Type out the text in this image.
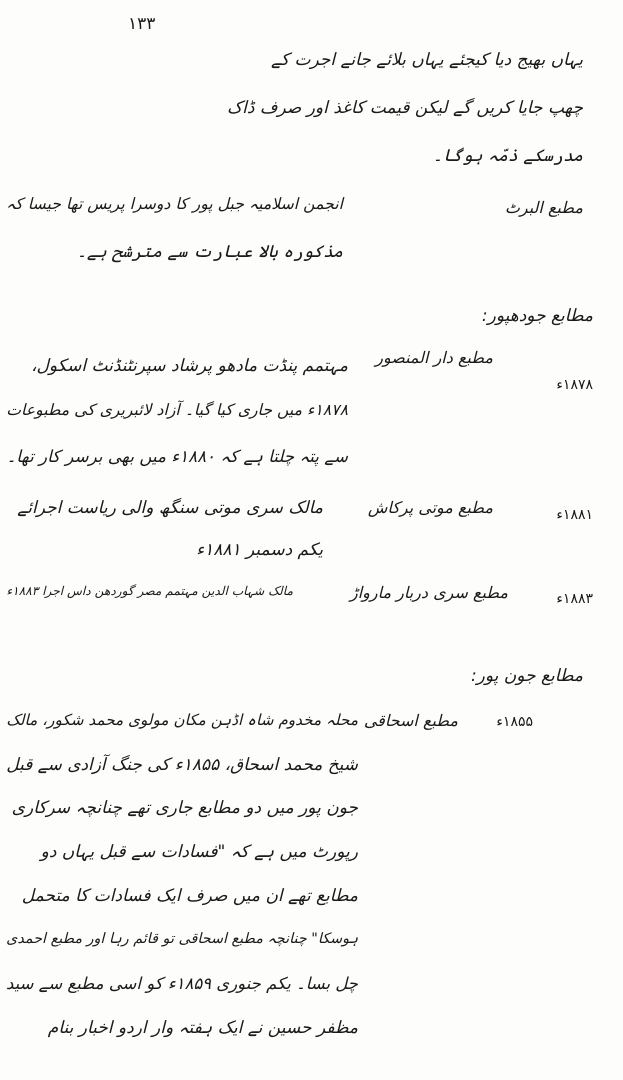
۱۳۳
یہاں بھیج دیا کیجئے یہاں بلائے جانے اجرت کے
چھپ جایا کریں گے لیکن قیمت کاغذ اور صرف ڈاک
مدرسکے ذمّہ ہوگا۔
مطبع البرٹ
انجمن اسلامیہ جبل پور کا دوسرا پریس تھا جیسا کہ
مذکورہ بالا عبارت سے مترشح ہے۔
مطابع جودھپور:
۱۸۷۸ء
مطبع دار المنصور
مہتمم پنڈت مادھو پرشاد سپرنٹنڈنٹ اسکول،
۱۸۷۸ء میں جاری کیا گیا۔ آزاد لائبریری کی مطبوعات
سے پتہ چلتا ہے کہ ۱۸۸۰ء میں بھی برسر کار تھا۔
۱۸۸۱ء
مطبع موتی پرکاش
مالک سری موتی سنگھ والی ریاست اجرائے
یکم دسمبر ۱۸۸۱ء
۱۸۸۳ء
مطبع سری دربار مارواڑ
مالک شہاب الدین مہتمم مصر گوردھن داس اجرا ۱۸۸۳ء
مطابع جون پور:
۱۸۵۵ء
مطبع اسحاقی
محلہ مخدوم شاہ اڈہن مکان مولوی محمد شکور، مالک
شیخ محمد اسحاق، ۱۸۵۵ء کی جنگ آزادی سے قبل
جون پور میں دو مطابع جاری تھے چنانچہ سرکاری
رپورٹ میں ہے کہ "فسادات سے قبل یہاں دو
مطابع تھے ان میں صرف ایک فسادات کا متحمل
ہوسکا" چنانچہ مطبع اسحاقی تو قائم رہا اور مطبع احمدی
چل بسا۔ یکم جنوری ۱۸۵۹ء کو اسی مطبع سے سید
مظفر حسین نے ایک ہفتہ وار اردو اخبار بنام
